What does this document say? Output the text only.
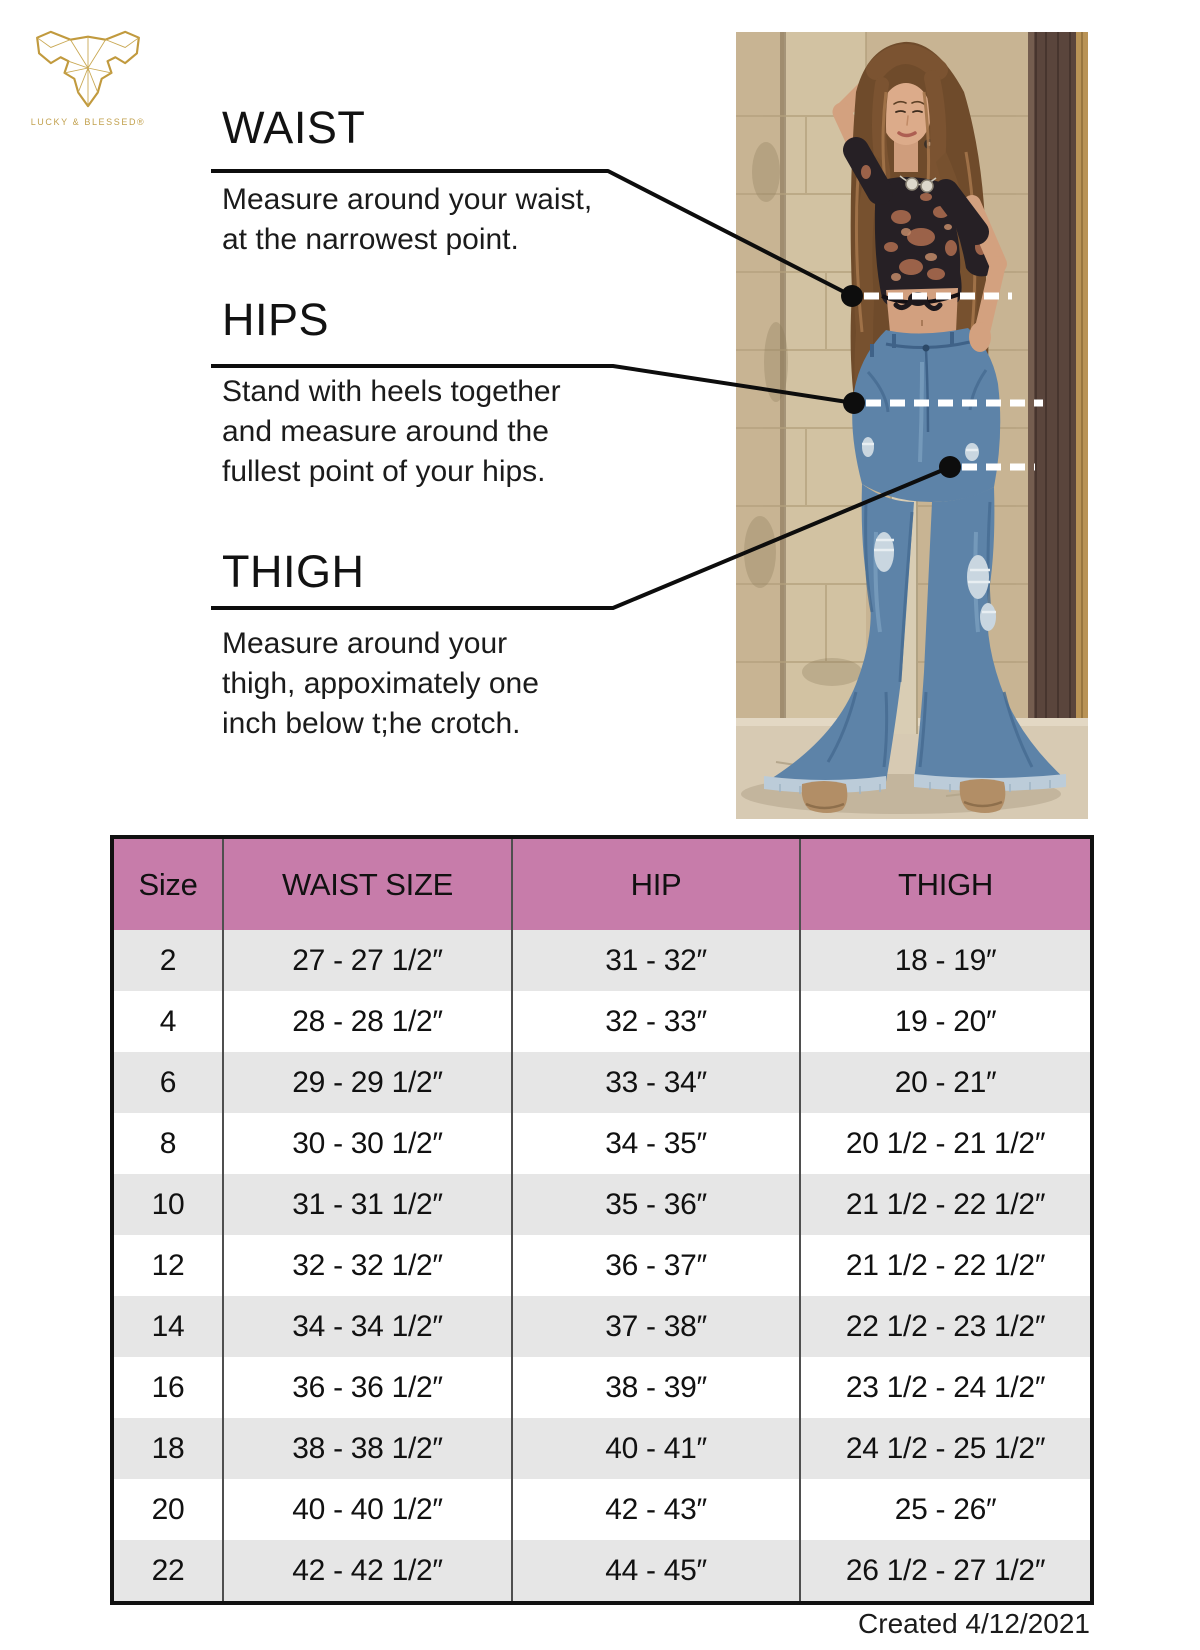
LUCKY & BLESSED® WAIST
Measure around your waist,
at the narrowest point.
HIPS
Stand with heels together
and measure around the
fullest point of your hips.
THIGH
Measure around your
thigh, appoximately one
inch below t;he crotch.
Size	WAIST SIZE	HIP	THIGH
2	27 - 27 1/2″	31 - 32″	18 - 19″
4	28 - 28 1/2″	32 - 33″	19 - 20″
6	29 - 29 1/2″	33 - 34″	20 - 21″
8	30 - 30 1/2″	34 - 35″	20 1/2 - 21 1/2″
10	31 - 31 1/2″	35 - 36″	21 1/2 - 22 1/2″
12	32 - 32 1/2″	36 - 37″	21 1/2 - 22 1/2″
14	34 - 34 1/2″	37 - 38″	22 1/2 - 23 1/2″
16	36 - 36 1/2″	38 - 39″	23 1/2 - 24 1/2″
18	38 - 38 1/2″	40 - 41″	24 1/2 - 25 1/2″
20	40 - 40 1/2″	42 - 43″	25 - 26″
22	42 - 42 1/2″	44 - 45″	26 1/2 - 27 1/2″
Created 4/12/2021
